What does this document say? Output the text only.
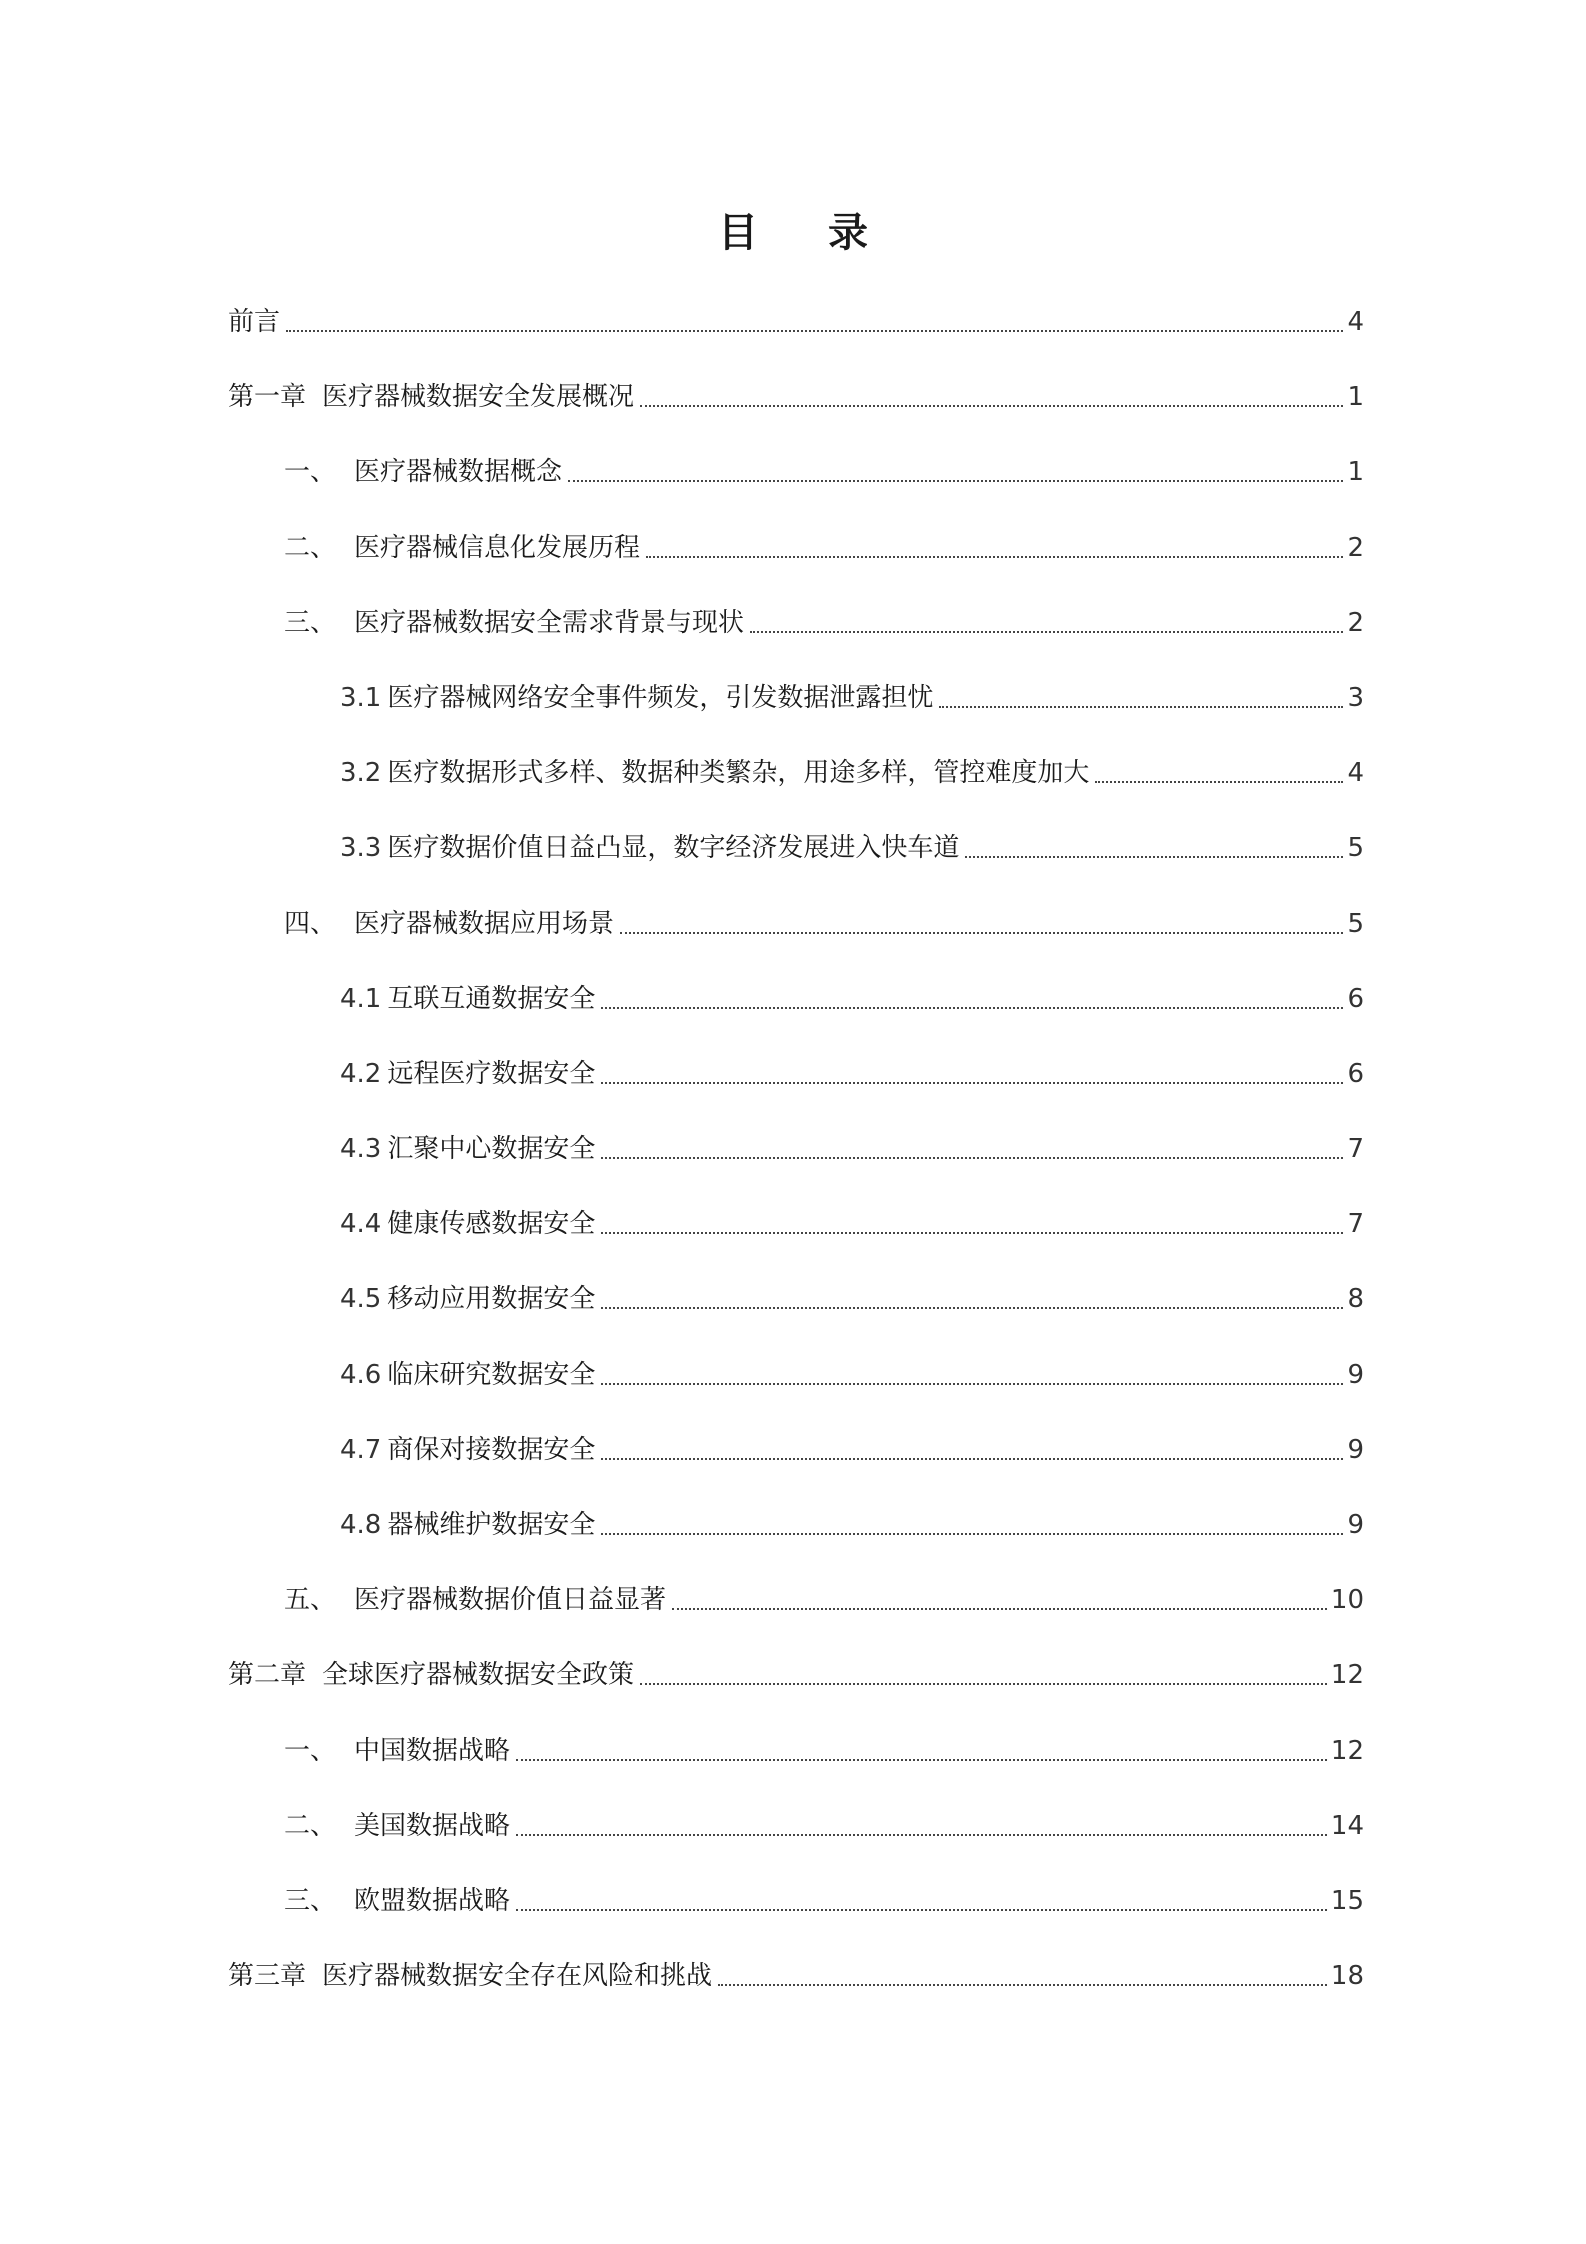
目 录
前言	4
第一章 医疗器械数据安全发展概况	1
一、 医疗器械数据概念	1
二、 医疗器械信息化发展历程	2
三、 医疗器械数据安全需求背景与现状	2
3.1 医疗器械网络安全事件频发，引发数据泄露担忧	3
3.2 医疗数据形式多样、数据种类繁杂，用途多样，管控难度加大	4
3.3 医疗数据价值日益凸显，数字经济发展进入快车道	5
四、 医疗器械数据应用场景	5
4.1 互联互通数据安全	6
4.2 远程医疗数据安全	6
4.3 汇聚中心数据安全	7
4.4 健康传感数据安全	7
4.5 移动应用数据安全	8
4.6 临床研究数据安全	9
4.7 商保对接数据安全	9
4.8 器械维护数据安全	9
五、 医疗器械数据价值日益显著	10
第二章 全球医疗器械数据安全政策	12
一、 中国数据战略	12
二、 美国数据战略	14
三、 欧盟数据战略	15
第三章 医疗器械数据安全存在风险和挑战	18
